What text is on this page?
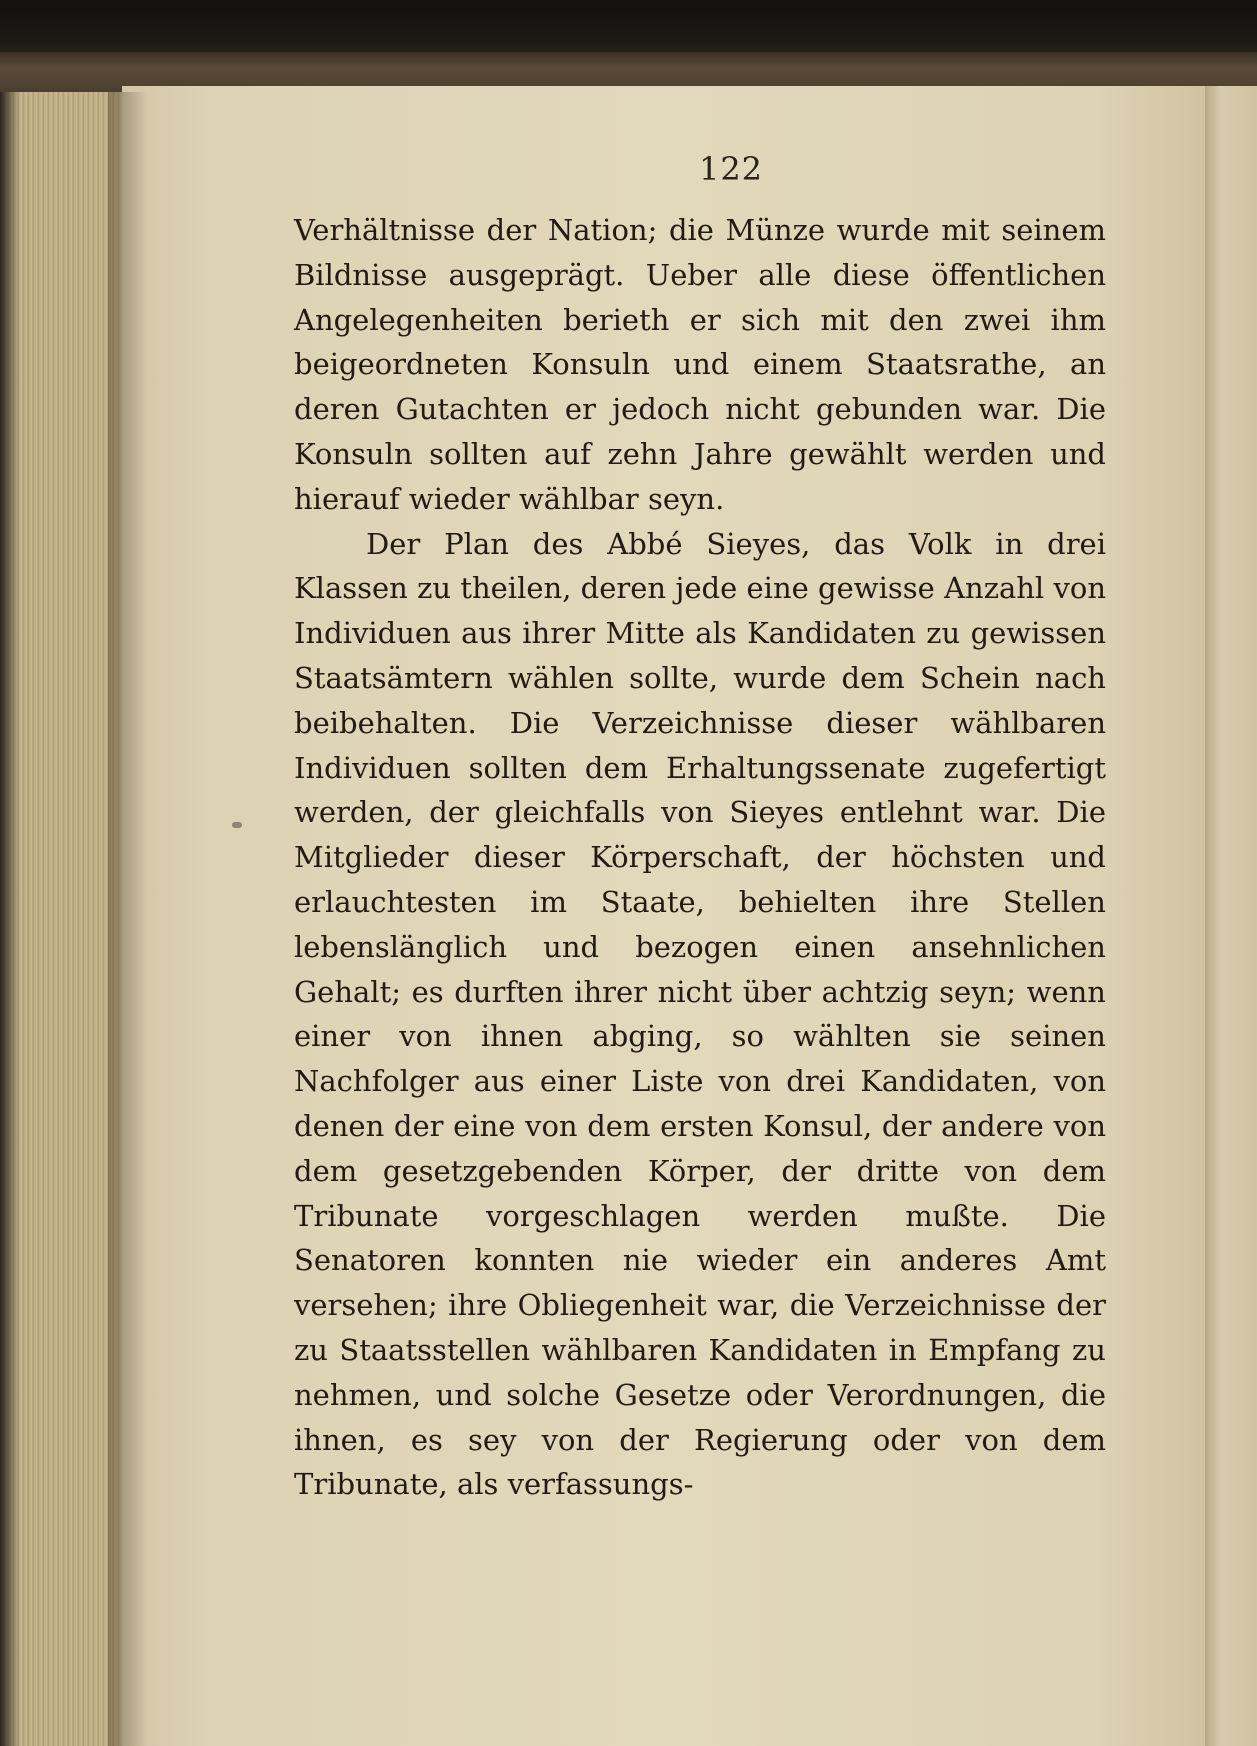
122

Verhältnisse der Nation; die Münze wurde mit seinem Bildnisse ausgeprägt. Ueber alle diese öffentlichen Angelegenheiten berieth er sich mit den zwei ihm beigeordneten Konsuln und einem Staatsrathe, an deren Gutachten er jedoch nicht gebunden war. Die Konsuln sollten auf zehn Jahre gewählt werden und hierauf wieder wählbar seyn.

Der Plan des Abbé Sieyes, das Volk in drei Klassen zu theilen, deren jede eine gewisse Anzahl von Individuen aus ihrer Mitte als Kandidaten zu gewissen Staatsämtern wählen sollte, wurde dem Schein nach beibehalten. Die Verzeichnisse dieser wählbaren Individuen sollten dem Erhaltungssenate zugefertigt werden, der gleichfalls von Sieyes entlehnt war. Die Mitglieder dieser Körperschaft, der höchsten und erlauchtesten im Staate, behielten ihre Stellen lebenslänglich und bezogen einen ansehnlichen Gehalt; es durften ihrer nicht über achtzig seyn; wenn einer von ihnen abging, so wählten sie seinen Nachfolger aus einer Liste von drei Kandidaten, von denen der eine von dem ersten Konsul, der andere von dem gesetzgebenden Körper, der dritte von dem Tribunate vorgeschlagen werden mußte. Die Senatoren konnten nie wieder ein anderes Amt versehen; ihre Obliegenheit war, die Verzeichnisse der zu Staatsstellen wählbaren Kandidaten in Empfang zu nehmen, und solche Gesetze oder Verordnungen, die ihnen, es sey von der Regierung oder von dem Tribunate, als verfassungs-
